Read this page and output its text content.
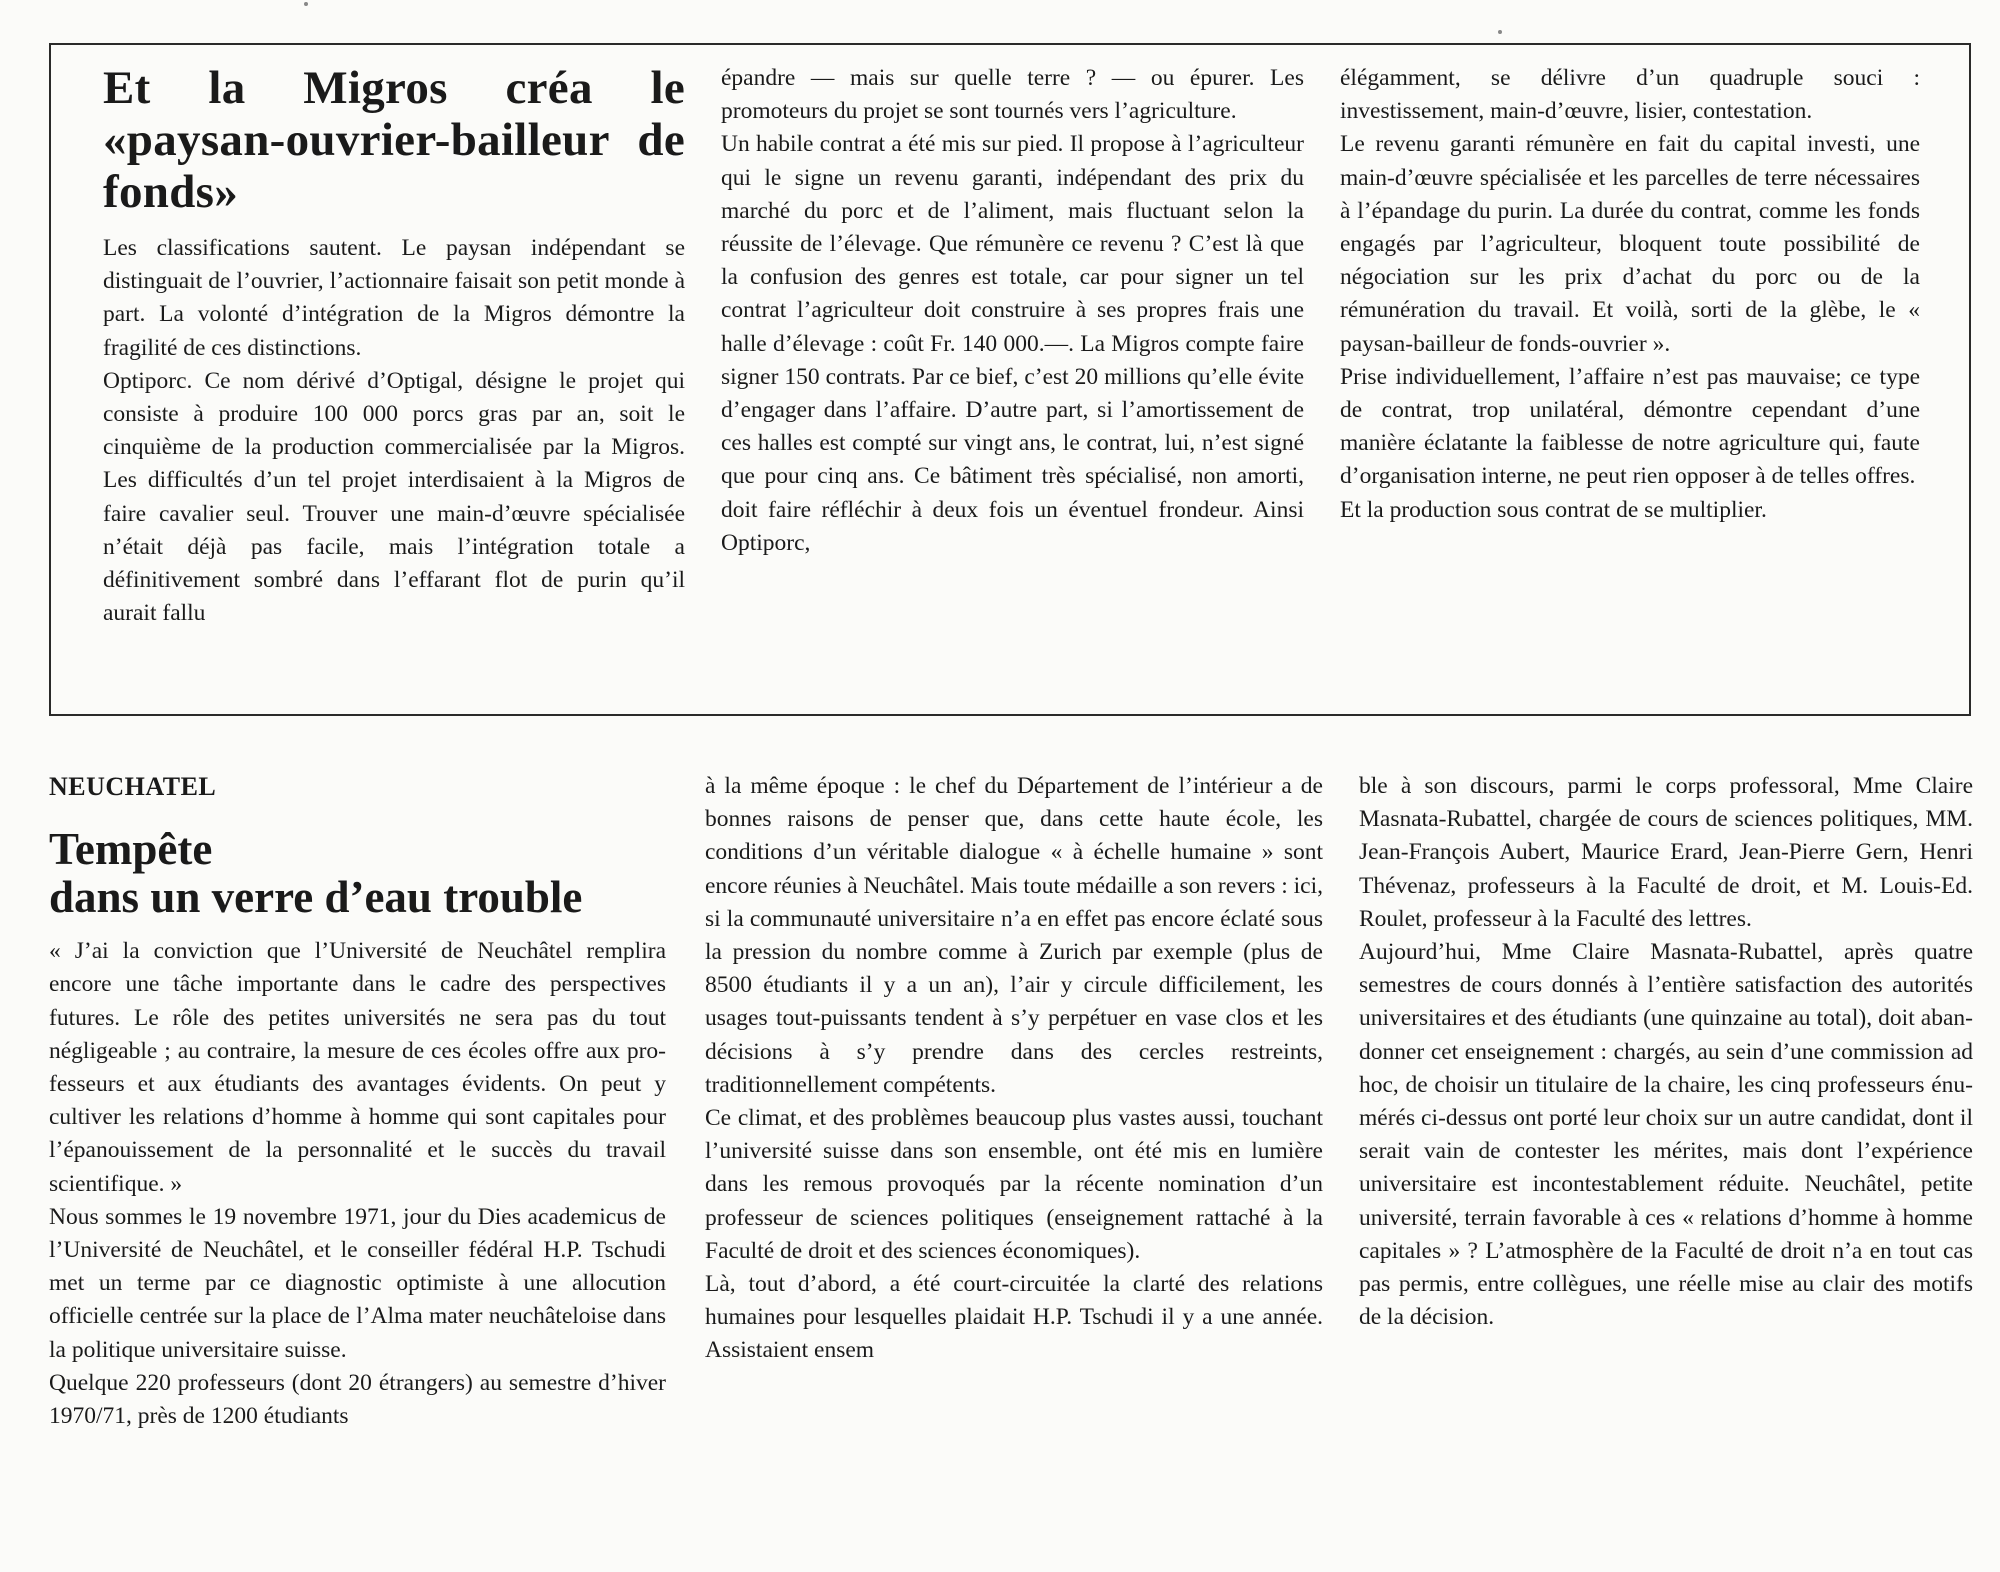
Et la Migros créa le «paysan-ouvrier-bailleur de fonds»

Les classifications sautent. Le paysan indépendant se distinguait de l’ouvrier, l’actionnaire faisait son petit monde à part. La volonté d’intégration de la Migros démontre la fragilité de ces distinctions.

Optiporc. Ce nom dérivé d’Optigal, désigne le projet qui consiste à produire 100 000 porcs gras par an, soit le cinquième de la production commercialisée par la Migros. Les difficultés d’un tel projet interdisaient à la Migros de faire cavalier seul. Trouver une main-d’œuvre spécialisée n’était déjà pas facile, mais l’intégration totale a définitivement sombré dans l’effarant flot de purin qu’il aurait fallu

épandre — mais sur quelle terre ? — ou épurer. Les promoteurs du projet se sont tournés vers l’agriculture.

Un habile contrat a été mis sur pied. Il propose à l’agriculteur qui le signe un revenu garanti, indépendant des prix du marché du porc et de l’aliment, mais fluctuant selon la réussite de l’élevage. Que rémunère ce revenu ? C’est là que la confusion des genres est totale, car pour signer un tel contrat l’agriculteur doit construire à ses propres frais une halle d’élevage : coût Fr. 140 000.—. La Migros compte faire signer 150 contrats. Par ce bief, c’est 20 millions qu’elle évite d’engager dans l’affaire. D’autre part, si l’amortissement de ces halles est compté sur vingt ans, le contrat, lui, n’est signé que pour cinq ans. Ce bâtiment très spécialisé, non amorti, doit faire réfléchir à deux fois un éventuel frondeur. Ainsi Optiporc,

élégamment, se délivre d’un quadruple souci : investissement, main-d’œuvre, lisier, contestation.

Le revenu garanti rémunère en fait du capital investi, une main-d’œuvre spécialisée et les parcelles de terre nécessaires à l’épandage du purin. La durée du contrat, comme les fonds engagés par l’agriculteur, bloquent toute possibilité de négociation sur les prix d’achat du porc ou de la rémunération du travail. Et voilà, sorti de la glèbe, le « paysan-bailleur de fonds-ouvrier ».

Prise individuellement, l’affaire n’est pas mauvaise; ce type de contrat, trop unilatéral, démontre cependant d’une manière éclatante la faiblesse de notre agriculture qui, faute d’organisation interne, ne peut rien opposer à de telles offres.

Et la production sous contrat de se multiplier.

NEUCHATEL
Tempête
dans un verre d’eau trouble

« J’ai la conviction que l’Université de Neuchâtel remplira encore une tâche importante dans le cadre des perspectives futures. Le rôle des petites universités ne sera pas du tout négligeable ; au contraire, la mesure de ces écoles offre aux professeurs et aux étudiants des avantages évidents. On peut y cultiver les relations d’homme à homme qui sont capitales pour l’épanouissement de la personnalité et le succès du travail scientifique. »

Nous sommes le 19 novembre 1971, jour du Dies academicus de l’Université de Neuchâtel, et le conseiller fédéral H.P. Tschudi met un terme par ce diagnostic optimiste à une allocution officielle centrée sur la place de l’Alma mater neuchâteloise dans la politique universitaire suisse.

Quelque 220 professeurs (dont 20 étrangers) au semestre d’hiver 1970/71, près de 1200 étudiants

à la même époque : le chef du Département de l’intérieur a de bonnes raisons de penser que, dans cette haute école, les conditions d’un véritable dialogue « à échelle humaine » sont encore réunies à Neuchâtel. Mais toute médaille a son revers : ici, si la communauté universitaire n’a en effet pas encore éclaté sous la pression du nombre comme à Zurich par exemple (plus de 8500 étudiants il y a un an), l’air y circule difficilement, les usages tout-puissants tendent à s’y perpétuer en vase clos et les décisions à s’y prendre dans des cercles restreints, traditionnellement compétents.

Ce climat, et des problèmes beaucoup plus vastes aussi, touchant l’université suisse dans son ensemble, ont été mis en lumière dans les remous provoqués par la récente nomination d’un professeur de sciences politiques (enseignement rattaché à la Faculté de droit et des sciences économiques).

Là, tout d’abord, a été court-circuitée la clarté des relations humaines pour lesquelles plaidait H.P. Tschudi il y a une année. Assistaient ensem

ble à son discours, parmi le corps professoral, Mme Claire Masnata-Rubattel, chargée de cours de sciences politiques, MM. Jean-François Aubert, Maurice Erard, Jean-Pierre Gern, Henri Thévenaz, professeurs à la Faculté de droit, et M. Louis-Ed. Roulet, professeur à la Faculté des lettres.

Aujourd’hui, Mme Claire Masnata-Rubattel, après quatre semestres de cours donnés à l’entière satisfaction des autorités universitaires et des étudiants (une quinzaine au total), doit abandonner cet enseignement : chargés, au sein d’une commission ad hoc, de choisir un titulaire de la chaire, les cinq professeurs énumérés ci-dessus ont porté leur choix sur un autre candidat, dont il serait vain de contester les mérites, mais dont l’expérience universitaire est incontestablement réduite. Neuchâtel, petite université, terrain favorable à ces « relations d’homme à homme capitales » ? L’atmosphère de la Faculté de droit n’a en tout cas pas permis, entre collègues, une réelle mise au clair des motifs de la décision.
